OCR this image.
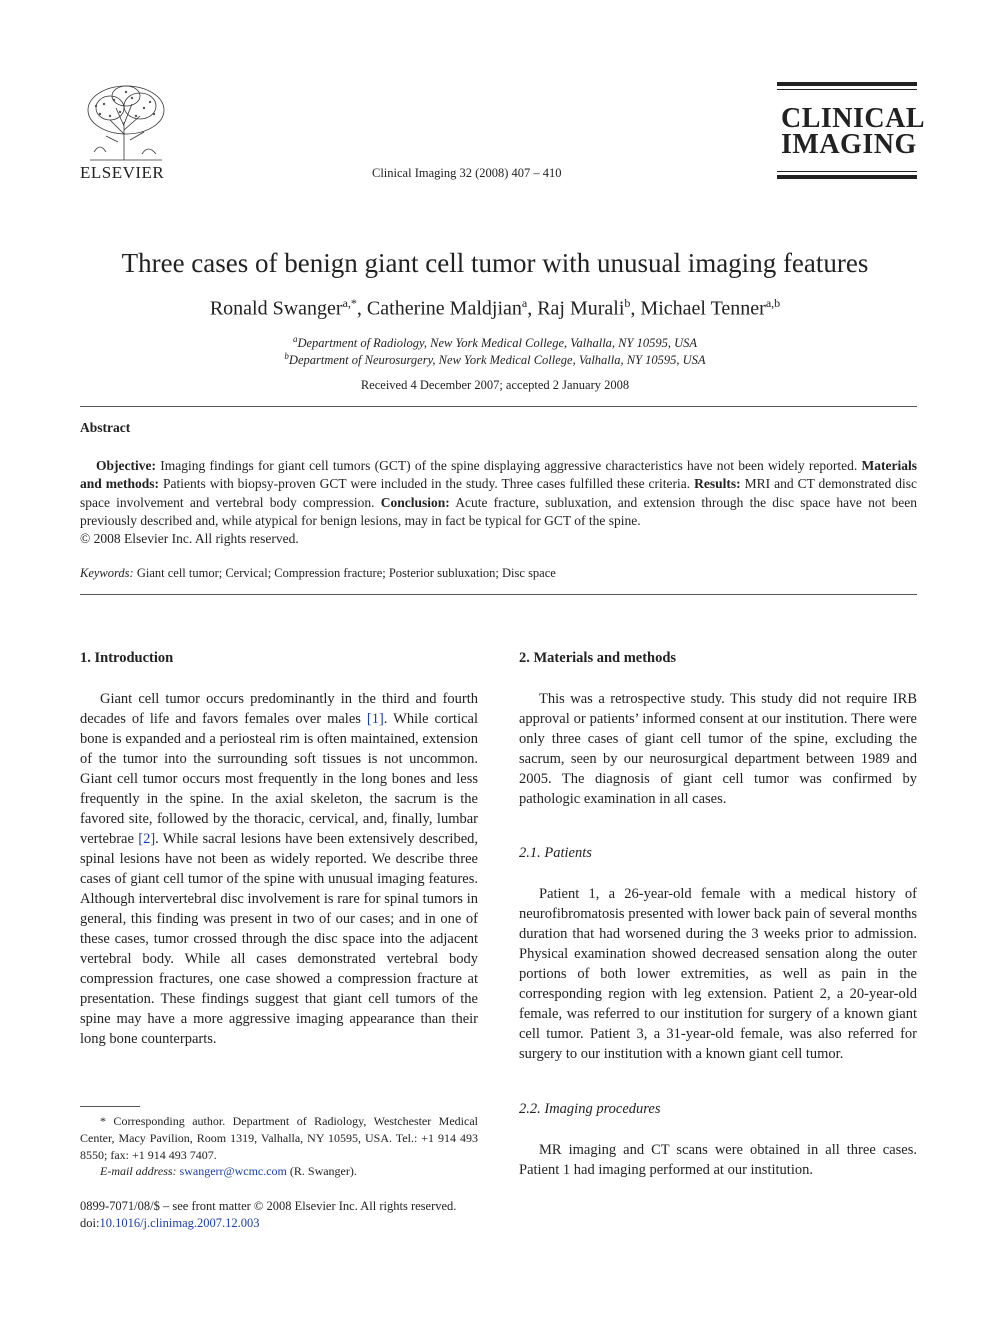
ELSEVIER	Clinical Imaging 32 (2008) 407 – 410
CLINICAL
IMAGING
Three cases of benign giant cell tumor with unusual imaging features
Ronald Swanger$^{a,*}$, Catherine Maldjian$^a$, Raj Murali$^b$, Michael Tenner$^{a,b}$
$^a$Department of Radiology, New York Medical College, Valhalla, NY 10595, USA
$^b$Department of Neurosurgery, New York Medical College, Valhalla, NY 10595, USA
Received 4 December 2007; accepted 2 January 2008
Abstract
Objective: Imaging findings for giant cell tumors (GCT) of the spine displaying aggressive characteristics have not been widely reported. Materials and methods: Patients with biopsy-proven GCT were included in the study. Three cases fulfilled these criteria. Results: MRI and CT demonstrated disc space involvement and vertebral body compression. Conclusion: Acute fracture, subluxation, and extension through the disc space have not been previously described and, while atypical for benign lesions, may in fact be typical for GCT of the spine.
© 2008 Elsevier Inc. All rights reserved.
Keywords: Giant cell tumor; Cervical; Compression fracture; Posterior subluxation; Disc space
1. Introduction
Giant cell tumor occurs predominantly in the third and fourth decades of life and favors females over males [1]. While cortical bone is expanded and a periosteal rim is often maintained, extension of the tumor into the surrounding soft tissues is not uncommon. Giant cell tumor occurs most frequently in the long bones and less frequently in the spine. In the axial skeleton, the sacrum is the favored site, followed by the thoracic, cervical, and, finally, lumbar vertebrae [2]. While sacral lesions have been extensively described, spinal lesions have not been as widely reported. We describe three cases of giant cell tumor of the spine with unusual imaging features. Although intervertebral disc involvement is rare for spinal tumors in general, this finding was present in two of our cases; and in one of these cases, tumor crossed through the disc space into the adjacent vertebral body. While all cases demonstrated vertebral body compression fractures, one case showed a compression fracture at presentation. These findings suggest that giant cell tumors of the spine may have a more aggressive imaging appearance than their long bone counterparts.
* Corresponding author. Department of Radiology, Westchester Medical Center, Macy Pavilion, Room 1319, Valhalla, NY 10595, USA. Tel.: +1 914 493 8550; fax: +1 914 493 7407.
E-mail address: swangerr@wcmc.com (R. Swanger).
0899-7071/08/$ – see front matter © 2008 Elsevier Inc. All rights reserved.
doi:10.1016/j.clinimag.2007.12.003
2. Materials and methods
This was a retrospective study. This study did not require IRB approval or patients’ informed consent at our institution. There were only three cases of giant cell tumor of the spine, excluding the sacrum, seen by our neurosurgical department between 1989 and 2005. The diagnosis of giant cell tumor was confirmed by pathologic examination in all cases.
2.1. Patients
Patient 1, a 26-year-old female with a medical history of neurofibromatosis presented with lower back pain of several months duration that had worsened during the 3 weeks prior to admission. Physical examination showed decreased sensation along the outer portions of both lower extremities, as well as pain in the corresponding region with leg extension. Patient 2, a 20-year-old female, was referred to our institution for surgery of a known giant cell tumor. Patient 3, a 31-year-old female, was also referred for surgery to our institution with a known giant cell tumor.
2.2. Imaging procedures
MR imaging and CT scans were obtained in all three cases. Patient 1 had imaging performed at our institution.
